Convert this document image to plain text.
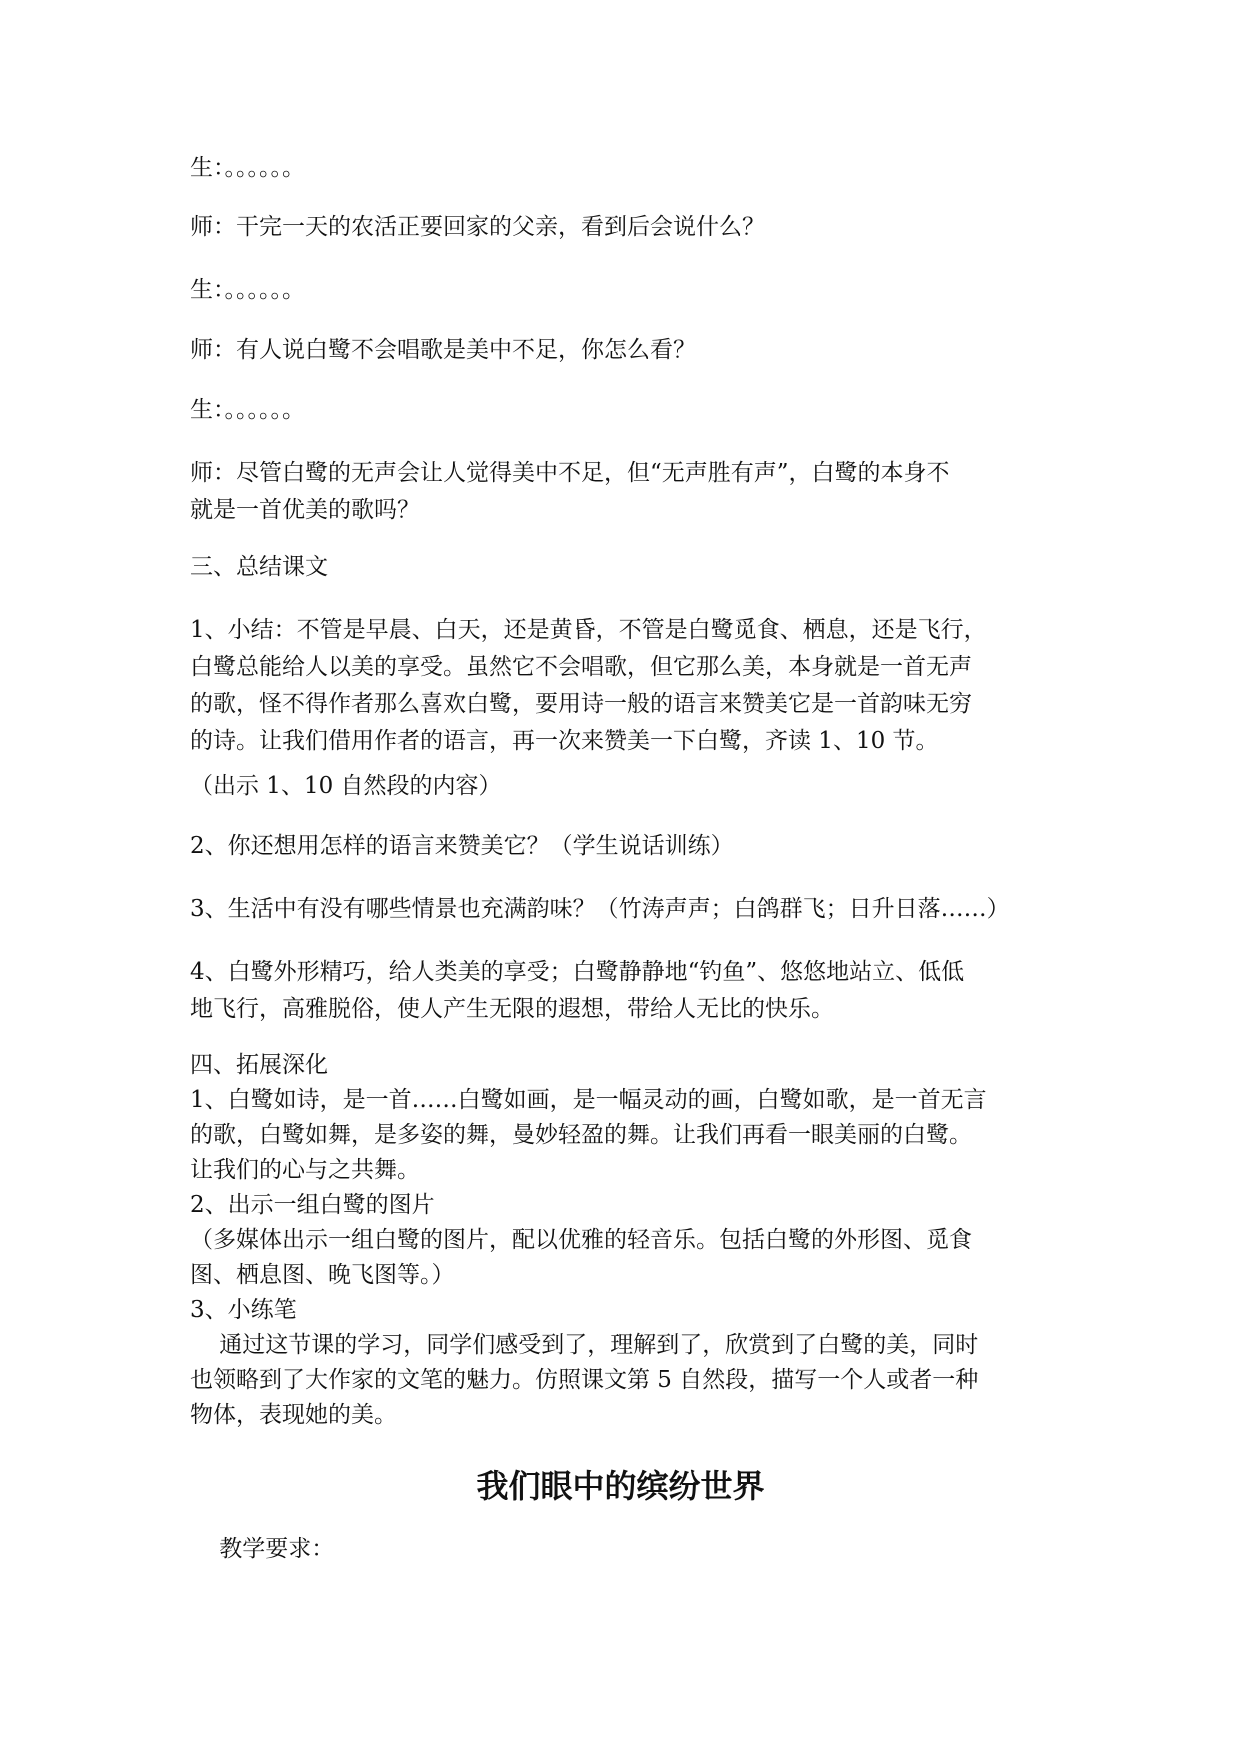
生：。。。。。。
师：干完一天的农活正要回家的父亲，看到后会说什么？
生：。。。。。。
师：有人说白鹭不会唱歌是美中不足，你怎么看？
生：。。。。。。
师：尽管白鹭的无声会让人觉得美中不足，但“无声胜有声”，白鹭的本身不
就是一首优美的歌吗？
三、总结课文
1、小结：不管是早晨、白天，还是黄昏，不管是白鹭觅食、栖息，还是飞行，
白鹭总能给人以美的享受。虽然它不会唱歌，但它那么美，本身就是一首无声
的歌，怪不得作者那么喜欢白鹭，要用诗一般的语言来赞美它是一首韵味无穷
的诗。让我们借用作者的语言，再一次来赞美一下白鹭，齐读 1、10 节。
（出示 1、10 自然段的内容）
2、你还想用怎样的语言来赞美它？（学生说话训练）
3、生活中有没有哪些情景也充满韵味？（竹涛声声；白鸽群飞；日升日落……）
4、白鹭外形精巧，给人类美的享受；白鹭静静地“钓鱼”、悠悠地站立、低低
地飞行，高雅脱俗，使人产生无限的遐想，带给人无比的快乐。
四、拓展深化
1、白鹭如诗，是一首……白鹭如画，是一幅灵动的画，白鹭如歌，是一首无言
的歌，白鹭如舞，是多姿的舞，曼妙轻盈的舞。让我们再看一眼美丽的白鹭。
让我们的心与之共舞。
2、出示一组白鹭的图片
（多媒体出示一组白鹭的图片，配以优雅的轻音乐。包括白鹭的外形图、觅食
图、栖息图、晚飞图等。）
3、小练笔
通过这节课的学习，同学们感受到了，理解到了，欣赏到了白鹭的美，同时
也领略到了大作家的文笔的魅力。仿照课文第 5 自然段，描写一个人或者一种
物体，表现她的美。
我们眼中的缤纷世界
教学要求：
